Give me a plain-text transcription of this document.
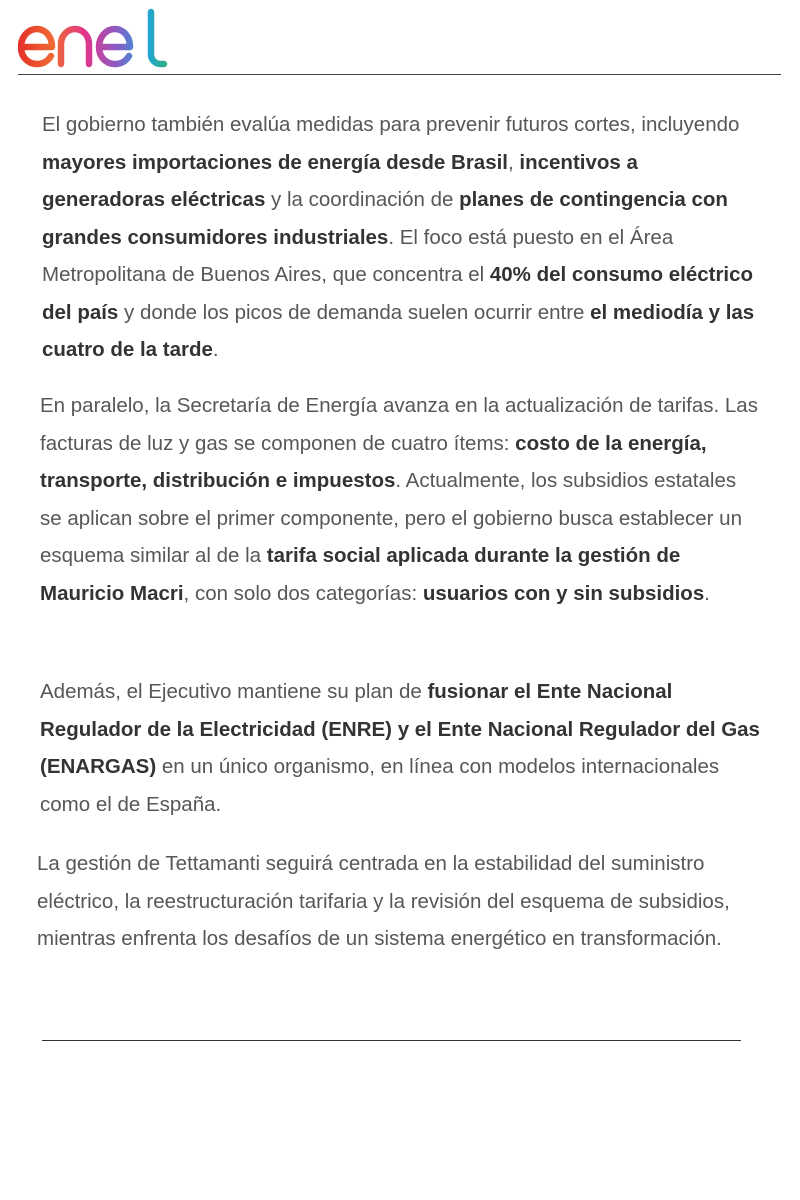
El gobierno también evalúa medidas para prevenir futuros cortes, incluyendo mayores importaciones de energía desde Brasil, incentivos a generadoras eléctricas y la coordinación de planes de contingencia con grandes consumidores industriales. El foco está puesto en el Área Metropolitana de Buenos Aires, que concentra el 40% del consumo eléctrico del país y donde los picos de demanda suelen ocurrir entre el mediodía y las cuatro de la tarde.

En paralelo, la Secretaría de Energía avanza en la actualización de tarifas. Las facturas de luz y gas se componen de cuatro ítems: costo de la energía, transporte, distribución e impuestos. Actualmente, los subsidios estatales se aplican sobre el primer componente, pero el gobierno busca establecer un esquema similar al de la tarifa social aplicada durante la gestión de Mauricio Macri, con solo dos categorías: usuarios con y sin subsidios.

Además, el Ejecutivo mantiene su plan de fusionar el Ente Nacional Regulador de la Electricidad (ENRE) y el Ente Nacional Regulador del Gas (ENARGAS) en un único organismo, en línea con modelos internacionales como el de España.

La gestión de Tettamanti seguirá centrada en la estabilidad del suministro eléctrico, la reestructuración tarifaria y la revisión del esquema de subsidios, mientras enfrenta los desafíos de un sistema energético en transformación.
